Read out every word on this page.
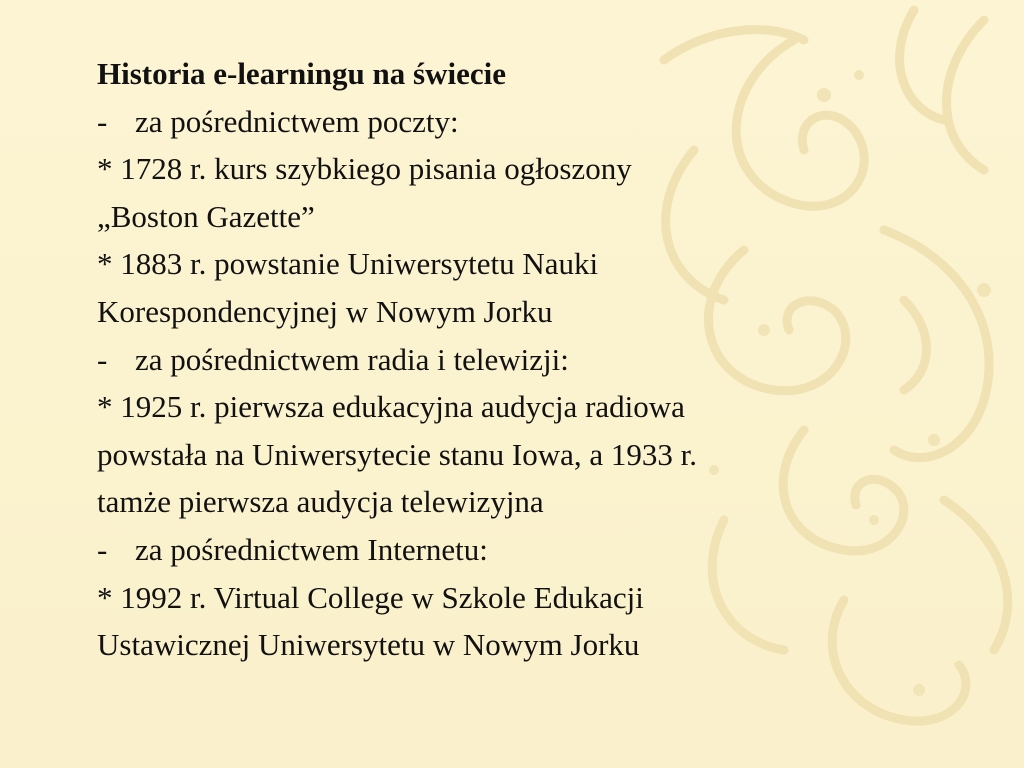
Historia e-learningu na świecie
- za pośrednictwem poczty:
* 1728 r. kurs szybkiego pisania ogłoszony
„Boston Gazette”
* 1883 r. powstanie Uniwersytetu Nauki
Korespondencyjnej w Nowym Jorku
- za pośrednictwem radia i telewizji:
* 1925 r. pierwsza edukacyjna audycja radiowa
powstała na Uniwersytecie stanu Iowa, a 1933 r.
tamże pierwsza audycja telewizyjna
- za pośrednictwem Internetu:
* 1992 r. Virtual College w Szkole Edukacji
Ustawicznej Uniwersytetu w Nowym Jorku
